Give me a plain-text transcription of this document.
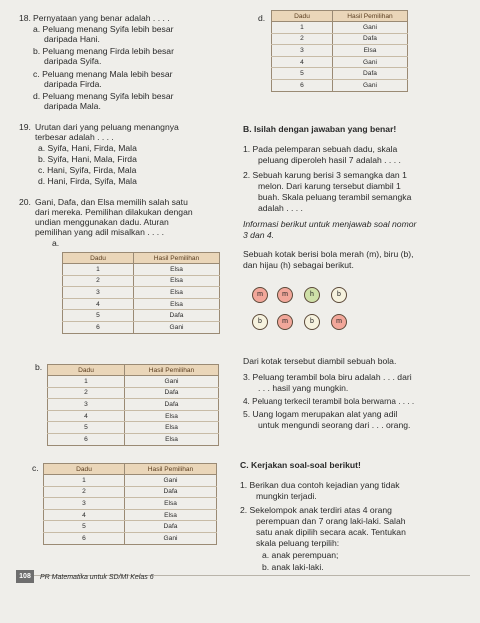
18. Pernyataan yang benar adalah . . . .
a. Peluang menang Syifa lebih besar
daripada Hani.
b. Peluang menang Firda lebih besar
daripada Syifa.
c. Peluang menang Mala lebih besar
daripada Firda.
d. Peluang menang Syifa lebih besar
daripada Mala.
19. Urutan dari yang peluang menangnya
terbesar adalah . . . .
a. Syifa, Hani, Firda, Mala
b. Syifa, Hani, Mala, Firda
c. Hani, Syifa, Firda, Mala
d. Hani, Firda, Syifa, Mala
20. Gani, Dafa, dan Elsa memilih salah satu
dari mereka. Pemilihan dilakukan dengan
undian menggunakan dadu. Aturan
pemilihan yang adil misalkan . . . .
a.
b.
c.
d.	Dadu	Hasil Pemilihan
1	Gani
2	Dafa
3	Elsa
4	Gani
5	Dafa
6	Gani
Dadu	Hasil Pemilihan
1	Elsa
2	Elsa
3	Elsa
4	Elsa
5	Dafa
6	Gani
Dadu	Hasil Pemilihan
1	Gani
2	Dafa
3	Dafa
4	Elsa
5	Elsa
6	Elsa
Dadu	Hasil Pemilihan
1	Gani
2	Dafa
3	Elsa
4	Elsa
5	Dafa
6	Gani
B. Isilah dengan jawaban yang benar!
1. Pada pelemparan sebuah dadu, skala
peluang diperoleh hasil 7 adalah . . . .
2. Sebuah karung berisi 3 semangka dan 1
melon. Dari karung tersebut diambil 1
buah. Skala peluang terambil semangka
adalah . . . .
Informasi berikut untuk menjawab soal nomor
3 dan 4.
Sebuah kotak berisi bola merah (m), biru (b),
dan hijau (h) sebagai berikut.
m	m	h	b
b	m	b	m
Dari kotak tersebut diambil sebuah bola.
3. Peluang terambil bola biru adalah . . . dari
. . . hasil yang mungkin.
4. Peluang terkecil terambil bola berwarna . . . .
5. Uang logam merupakan alat yang adil
untuk mengundi seorang dari . . . orang.
C. Kerjakan soal-soal berikut!
1. Berikan dua contoh kejadian yang tidak
mungkin terjadi.
2. Sekelompok anak terdiri atas 4 orang
perempuan dan 7 orang laki-laki. Salah
satu anak dipilih secara acak. Tentukan
skala peluang terpilih:
a. anak perempuan;
b. anak laki-laki.
108	PR Matematika untuk SD/MI Kelas 6
